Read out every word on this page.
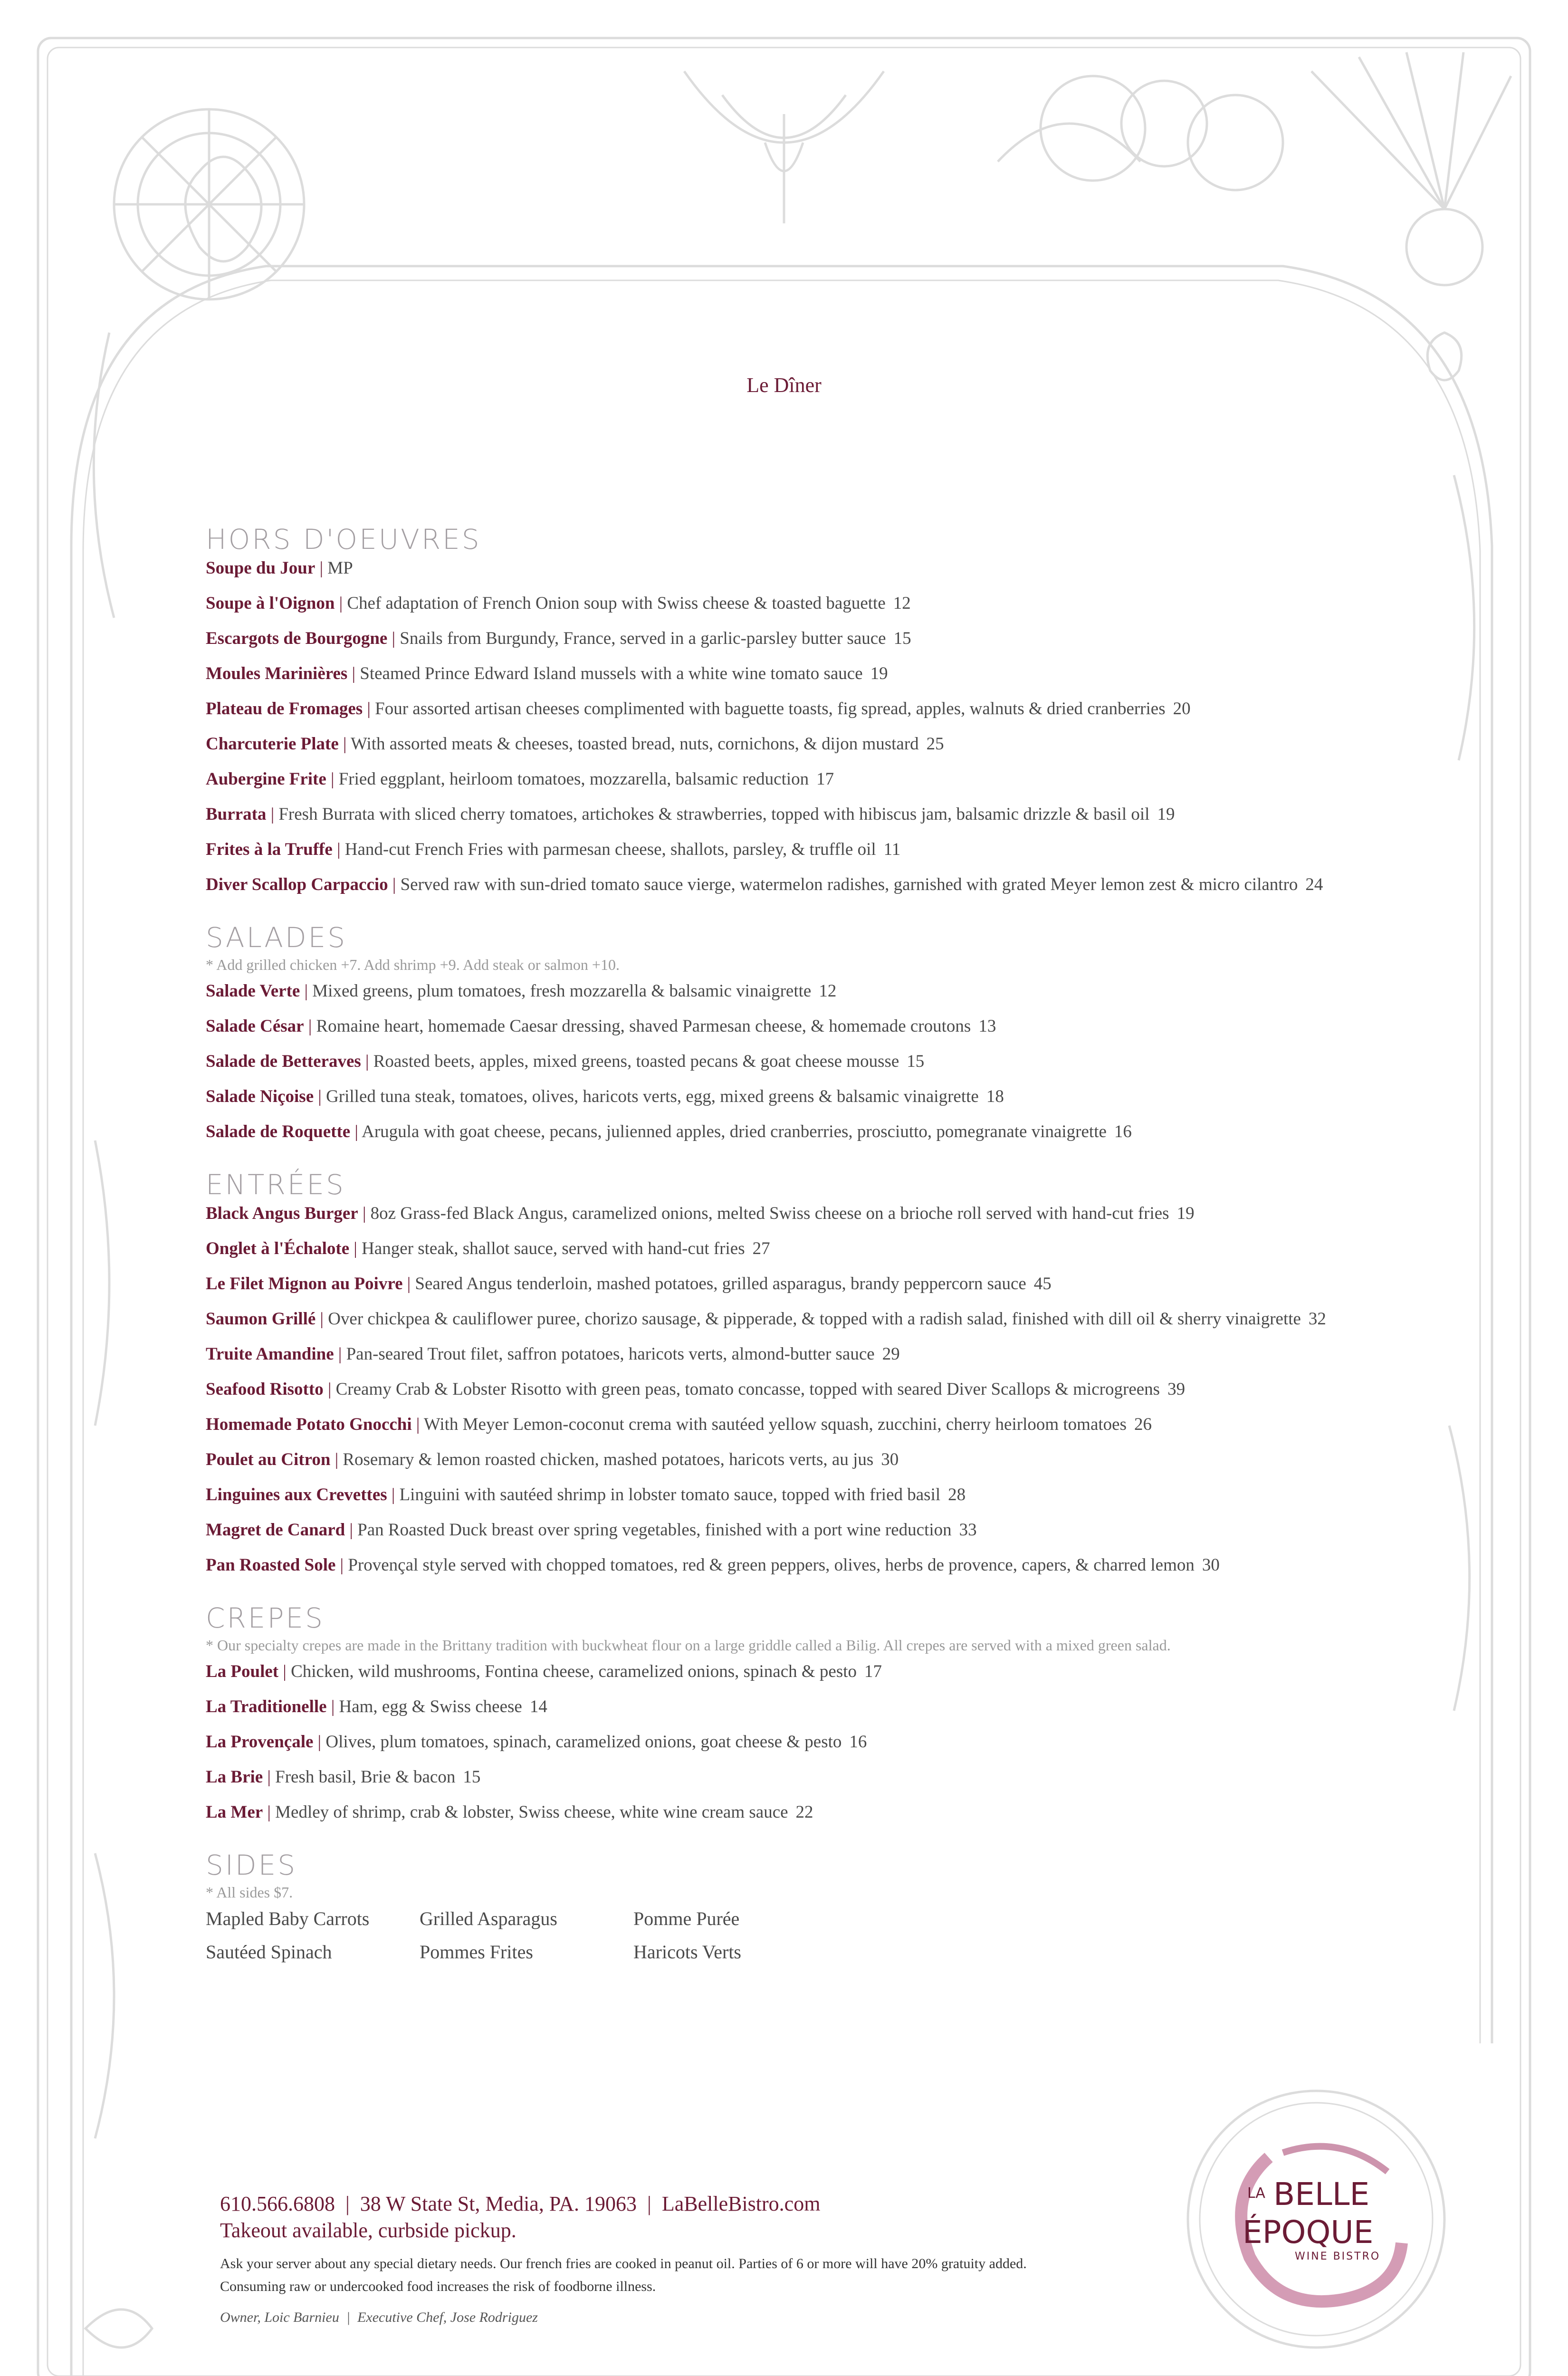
Le Dîner
HORS D'OEUVRES

Soupe du Jour | MP

Soupe à l'Oignon | Chef adaptation of French Onion soup with Swiss cheese & toasted baguette 12

Escargots de Bourgogne | Snails from Burgundy, France, served in a garlic-parsley butter sauce 15

Moules Marinières | Steamed Prince Edward Island mussels with a white wine tomato sauce 19

Plateau de Fromages | Four assorted artisan cheeses complimented with baguette toasts, fig spread, apples, walnuts & dried cranberries 20

Charcuterie Plate | With assorted meats & cheeses, toasted bread, nuts, cornichons, & dijon mustard 25

Aubergine Frite | Fried eggplant, heirloom tomatoes, mozzarella, balsamic reduction 17

Burrata | Fresh Burrata with sliced cherry tomatoes, artichokes & strawberries, topped with hibiscus jam, balsamic drizzle & basil oil 19

Frites à la Truffe | Hand-cut French Fries with parmesan cheese, shallots, parsley, & truffle oil 11

Diver Scallop Carpaccio | Served raw with sun-dried tomato sauce vierge, watermelon radishes, garnished with grated Meyer lemon zest & micro cilantro 24

SALADES

* Add grilled chicken +7. Add shrimp +9. Add steak or salmon +10.

Salade Verte | Mixed greens, plum tomatoes, fresh mozzarella & balsamic vinaigrette 12

Salade César | Romaine heart, homemade Caesar dressing, shaved Parmesan cheese, & homemade croutons 13

Salade de Betteraves | Roasted beets, apples, mixed greens, toasted pecans & goat cheese mousse 15

Salade Niçoise | Grilled tuna steak, tomatoes, olives, haricots verts, egg, mixed greens & balsamic vinaigrette 18

Salade de Roquette | Arugula with goat cheese, pecans, julienned apples, dried cranberries, prosciutto, pomegranate vinaigrette 16

ENTRÉES

Black Angus Burger | 8oz Grass-fed Black Angus, caramelized onions, melted Swiss cheese on a brioche roll served with hand-cut fries 19

Onglet à l'Échalote | Hanger steak, shallot sauce, served with hand-cut fries 27

Le Filet Mignon au Poivre | Seared Angus tenderloin, mashed potatoes, grilled asparagus, brandy peppercorn sauce 45

Saumon Grillé | Over chickpea & cauliflower puree, chorizo sausage, & pipperade, & topped with a radish salad, finished with dill oil & sherry vinaigrette 32

Truite Amandine | Pan-seared Trout filet, saffron potatoes, haricots verts, almond-butter sauce 29

Seafood Risotto | Creamy Crab & Lobster Risotto with green peas, tomato concasse, topped with seared Diver Scallops & microgreens 39

Homemade Potato Gnocchi | With Meyer Lemon-coconut crema with sautéed yellow squash, zucchini, cherry heirloom tomatoes 26

Poulet au Citron | Rosemary & lemon roasted chicken, mashed potatoes, haricots verts, au jus 30

Linguines aux Crevettes | Linguini with sautéed shrimp in lobster tomato sauce, topped with fried basil 28

Magret de Canard | Pan Roasted Duck breast over spring vegetables, finished with a port wine reduction 33

Pan Roasted Sole | Provençal style served with chopped tomatoes, red & green peppers, olives, herbs de provence, capers, & charred lemon 30

CREPES

* Our specialty crepes are made in the Brittany tradition with buckwheat flour on a large griddle called a Bilig. All crepes are served with a mixed green salad.

La Poulet | Chicken, wild mushrooms, Fontina cheese, caramelized onions, spinach & pesto 17

La Traditionelle | Ham, egg & Swiss cheese 14

La Provençale | Olives, plum tomatoes, spinach, caramelized onions, goat cheese & pesto 16

La Brie | Fresh basil, Brie & bacon 15

La Mer | Medley of shrimp, crab & lobster, Swiss cheese, white wine cream sauce 22

SIDES

* All sides $7.

Mapled Baby Carrots	Grilled Asparagus	Pomme Purée
Sautéed Spinach	Pommes Frites	Haricots Verts
610.566.6808  |  38 W State St, Media, PA. 19063  |  LaBelleBistro.com
Takeout available, curbside pickup.
Ask your server about any special dietary needs. Our french fries are cooked in peanut oil. Parties of 6 or more will have 20% gratuity added.
Consuming raw or undercooked food increases the risk of foodborne illness.
Owner, Loic Barnieu  |  Executive Chef, Jose Rodriguez
LA BELLE
ÉPOQUE
WINE BISTRO
